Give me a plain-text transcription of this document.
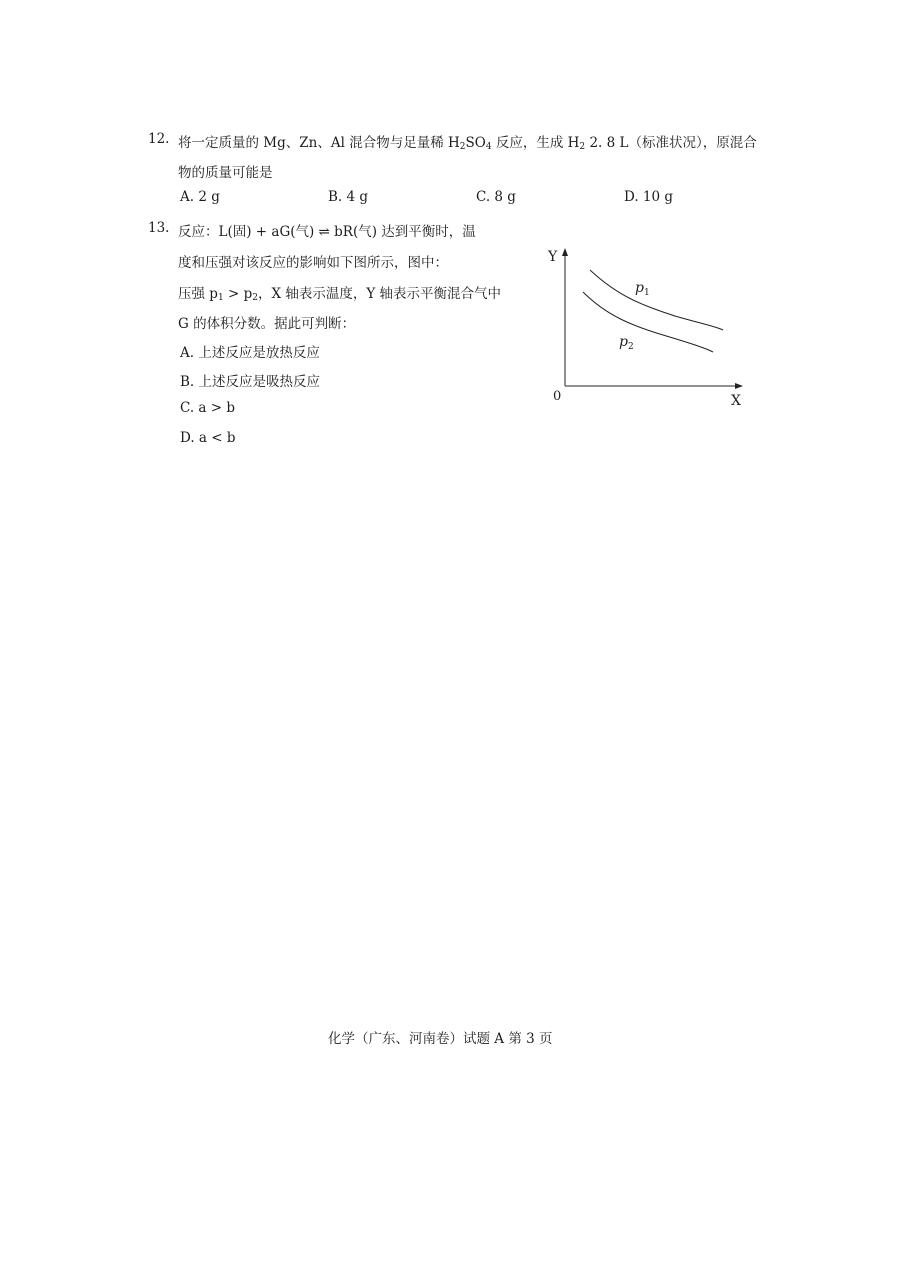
12. 将一定质量的 Mg、Zn、Al 混合物与足量稀 $H_2SO_4$ 反应，生成 $H_2$ 2. 8 L（标准状况），原混合
物的质量可能是
A. 2 g	B. 4 g	C. 8 g	D. 10 g
13. 反应：L(固) + aG(气) ⇌ bR(气) 达到平衡时，温
度和压强对该反应的影响如下图所示，图中：
压强 $p_1 > p_2$，X 轴表示温度，Y 轴表示平衡混合气中
G 的体积分数。据此可判断：
A. 上述反应是放热反应
B. 上述反应是吸热反应
C. a > b
D. a < b
Y
X
0
$p_1$
$p_2$
化学（广东、河南卷）试题 A 第 3 页
